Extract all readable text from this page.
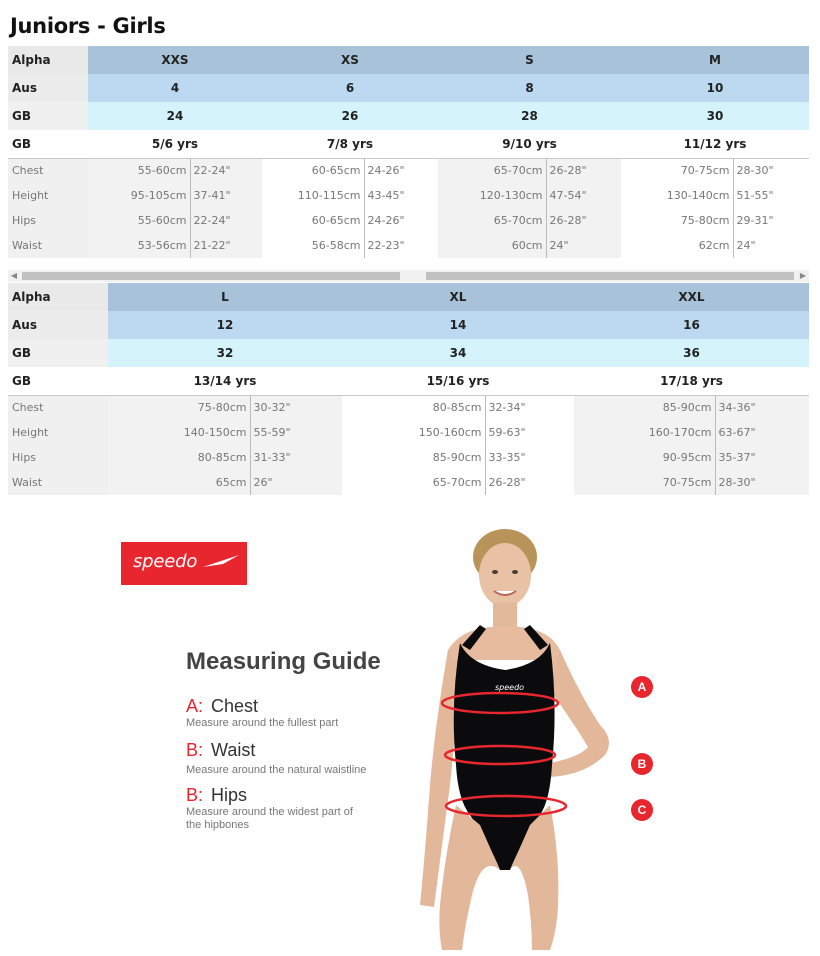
Juniors - Girls
Alpha	XXS		XS		S		M	
Aus	4		6		8		10	
GB	24		26		28		30	
GB	5/6 yrs		7/8 yrs		9/10 yrs		11/12 yrs	
Chest	55-60cm	22-24"	60-65cm	24-26"	65-70cm	26-28"	70-75cm	28-30"
Height	95-105cm	37-41"	110-115cm	43-45"	120-130cm	47-54"	130-140cm	51-55"
Hips	55-60cm	22-24"	60-65cm	24-26"	65-70cm	26-28"	75-80cm	29-31"
Waist	53-56cm	21-22"	56-58cm	22-23"	60cm	24"	62cm	24"
◀	▶
Alpha	L		XL		XXL	
Aus	12		14		16	
GB	32		34		36	
GB	13/14 yrs		15/16 yrs		17/18 yrs	
Chest	75-80cm	30-32"	80-85cm	32-34"	85-90cm	34-36"
Height	140-150cm	55-59"	150-160cm	59-63"	160-170cm	63-67"
Hips	80-85cm	31-33"	85-90cm	33-35"	90-95cm	35-37"
Waist	65cm	26"	65-70cm	26-28"	70-75cm	28-30"
speedo
Measuring Guide
A: Chest
Measure around the fullest part
B: Waist
Measure around the natural waistline
B: Hips
Measure around the widest part of the hipbones
speedo	A
B
C
